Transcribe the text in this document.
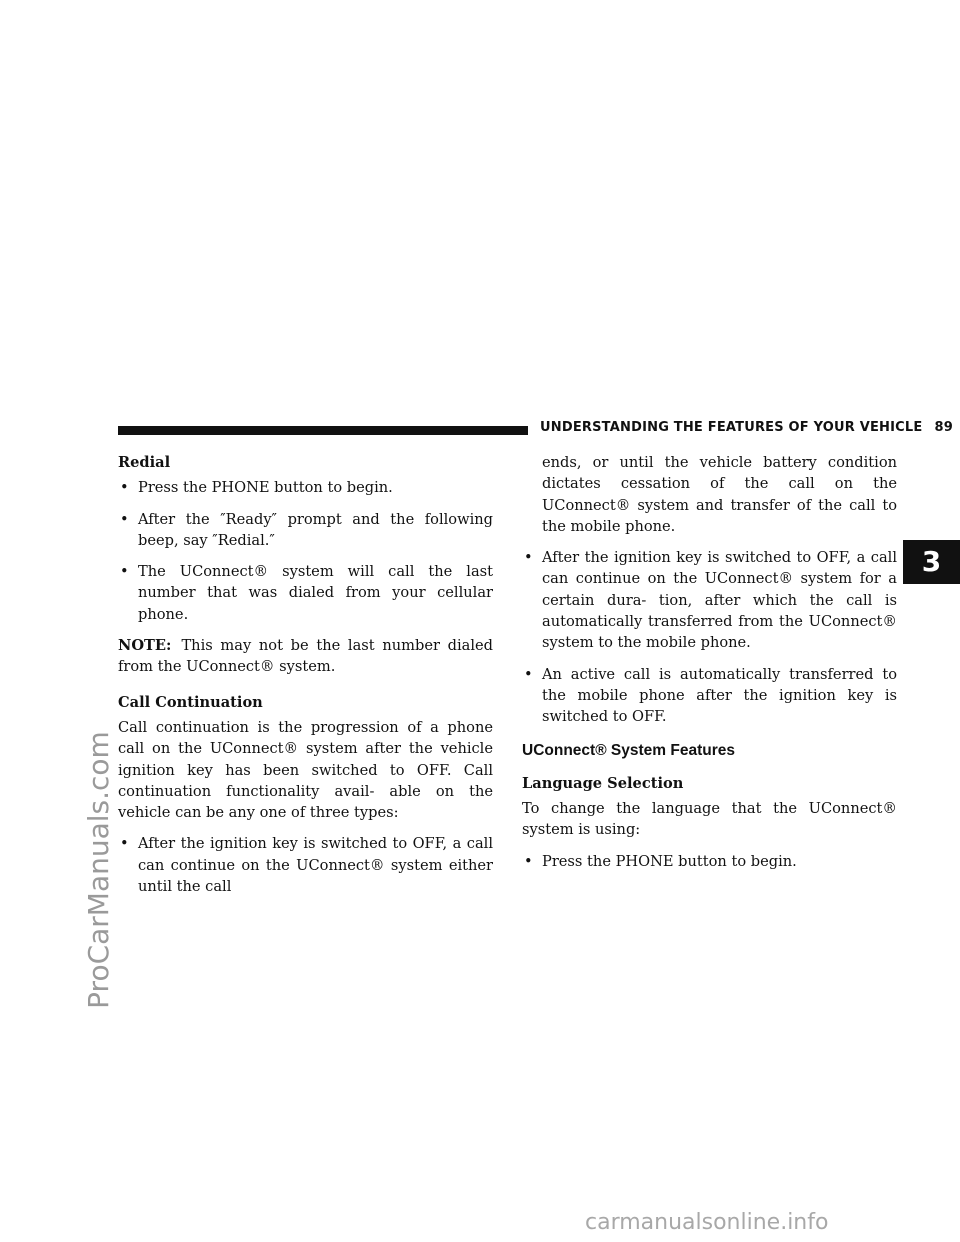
ProCarManuals.com
carmanualsonline.info
UNDERSTANDING THE FEATURES OF YOUR VEHICLE 89
3
Redial
• Press the PHONE button to begin.
• After the ″Ready″ prompt and the following beep, say ″Redial.″
• The UConnect® system will call the last number that was dialed from your cellular phone.

NOTE: This may not be the last number dialed from the UConnect® system.

Call Continuation

Call continuation is the progression of a phone call on the UConnect® system after the vehicle ignition key has been switched to OFF. Call continuation functionality avail- able on the vehicle can be any one of three types:

• After the ignition key is switched to OFF, a call can continue on the UConnect® system either until the call

ends, or until the vehicle battery condition dictates cessation of the call on the UConnect® system and transfer of the call to the mobile phone.

• After the ignition key is switched to OFF, a call can continue on the UConnect® system for a certain dura- tion, after which the call is automatically transferred from the UConnect® system to the mobile phone.
• An active call is automatically transferred to the mobile phone after the ignition key is switched to OFF.
UConnect® System Features
Language Selection

To change the language that the UConnect® system is using:

• Press the PHONE button to begin.
